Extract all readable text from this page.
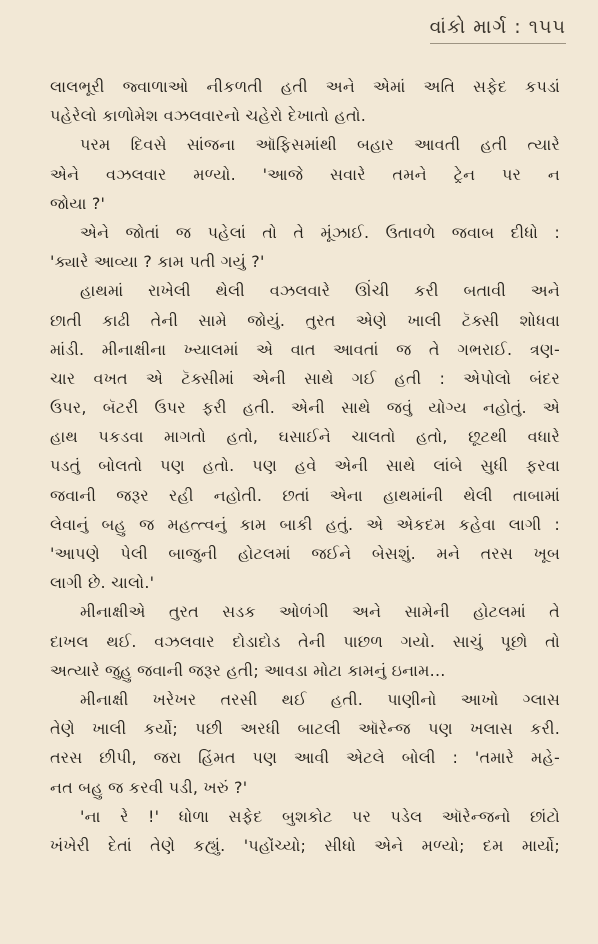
વાંકો માર્ગ : ૧૫૫
લાલભૂરી જ્વાળાઓ નીકળતી હતી અને એમાં અતિ સફેદ કપડાં
પહેરેલો કાળોમેશ વઝલવારનો ચહેરો દેખાતો હતો.
પરમ દિવસે સાંજના ઑફિસમાંથી બહાર આવતી હતી ત્યારે
એને વઝલવાર મળ્યો. 'આજે સવારે તમને ટ્રેન પર ન
જોયા ?'
એને જોતાં જ પહેલાં તો તે મૂંઝાઈ. ઉતાવળે જવાબ દીધો :
'ક્યારે આવ્યા ? કામ પતી ગયું ?'
હાથમાં રાખેલી થેલી વઝલવારે ઊંચી કરી બતાવી અને
છાતી કાઢી તેની સામે જોયું. તુરત એણે ખાલી ટૅક્સી શોધવા
માંડી. મીનાક્ષીના ખ્યાલમાં એ વાત આવતાં જ તે ગભરાઈ. ત્રણ-
ચાર વખત એ ટૅક્સીમાં એની સાથે ગઈ હતી : એપોલો બંદર
ઉપર, બૅટરી ઉપર ફરી હતી. એની સાથે જવું યોગ્ય નહોતું. એ
હાથ પકડવા માગતો હતો, ઘસાઈને ચાલતો હતો, છૂટથી વધારે
પડતું બોલતો પણ હતો. પણ હવે એની સાથે લાંબે સુધી ફરવા
જવાની જરૂર રહી નહોતી. છતાં એના હાથમાંની થેલી તાબામાં
લેવાનું બહુ જ મહત્ત્વનું કામ બાકી હતું. એ એકદમ કહેવા લાગી :
'આપણે પેલી બાજુની હોટલમાં જઈને બેસશું. મને તરસ ખૂબ
લાગી છે. ચાલો.'
મીનાક્ષીએ તુરત સડક ઓળંગી અને સામેની હોટલમાં તે
દાખલ થઈ. વઝલવાર દોડાદોડ તેની પાછળ ગયો. સાચું પૂછો તો
અત્યારે જુહુ જવાની જરૂર હતી; આવડા મોટા કામનું ઇનામ...
મીનાક્ષી ખરેખર તરસી થઈ હતી. પાણીનો આખો ગ્લાસ
તેણે ખાલી કર્યો; પછી અરધી બાટલી ઑરેન્જ પણ ખલાસ કરી.
તરસ છીપી, જરા હિંમત પણ આવી એટલે બોલી : 'તમારે મહે-
નત બહુ જ કરવી પડી, ખરું ?'
'ના રે !' ધોળા સફેદ બુશકોટ પર પડેલ ઑરેન્જનો છાંટો
ખંખેરી દેતાં તેણે કહ્યું. 'પહોંચ્યો; સીધો એને મળ્યો; દમ માર્યો;
